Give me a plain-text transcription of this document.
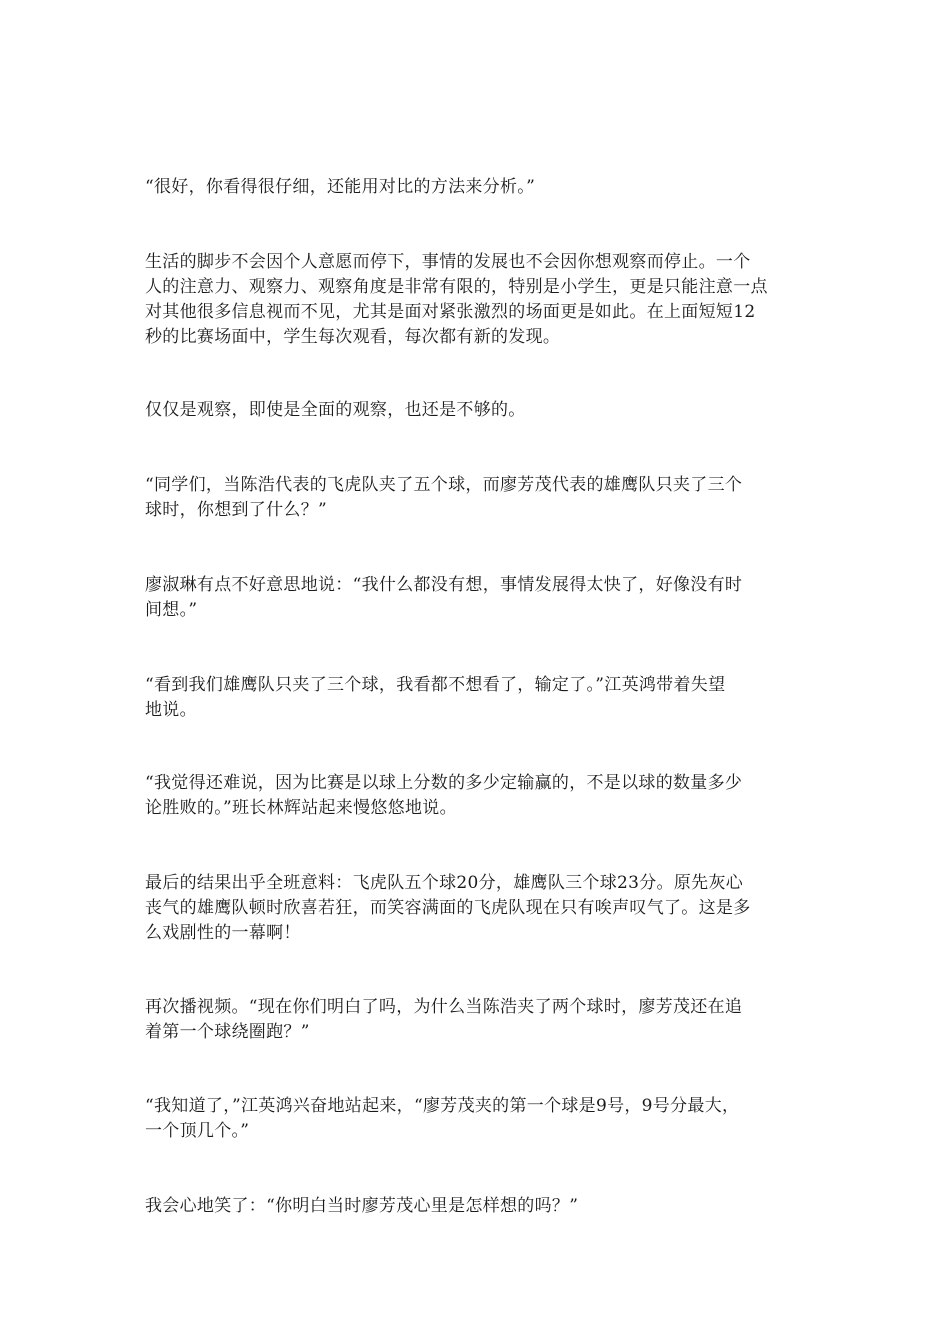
“很好，你看得很仔细，还能用对比的方法来分析。”

生活的脚步不会因个人意愿而停下，事情的发展也不会因你想观察而停止。一个
人的注意力、观察力、观察角度是非常有限的，特别是小学生，更是只能注意一点
对其他很多信息视而不见，尤其是面对紧张激烈的场面更是如此。在上面短短12
秒的比赛场面中，学生每次观看，每次都有新的发现。

仅仅是观察，即使是全面的观察，也还是不够的。

“同学们，当陈浩代表的飞虎队夹了五个球，而廖芳茂代表的雄鹰队只夹了三个
球时，你想到了什么？”

廖淑琳有点不好意思地说：“我什么都没有想，事情发展得太快了，好像没有时
间想。”

“看到我们雄鹰队只夹了三个球，我看都不想看了，输定了。”江英鸿带着失望
地说。

“我觉得还难说，因为比赛是以球上分数的多少定输赢的，不是以球的数量多少
论胜败的。”班长林辉站起来慢悠悠地说。

最后的结果出乎全班意料：飞虎队五个球20分，雄鹰队三个球23分。原先灰心
丧气的雄鹰队顿时欣喜若狂，而笑容满面的飞虎队现在只有唉声叹气了。这是多
么戏剧性的一幕啊！

再次播视频。“现在你们明白了吗，为什么当陈浩夹了两个球时，廖芳茂还在追
着第一个球绕圈跑？”

“我知道了，”江英鸿兴奋地站起来，“廖芳茂夹的第一个球是9号，9号分最大，
一个顶几个。”

我会心地笑了：“你明白当时廖芳茂心里是怎样想的吗？”
